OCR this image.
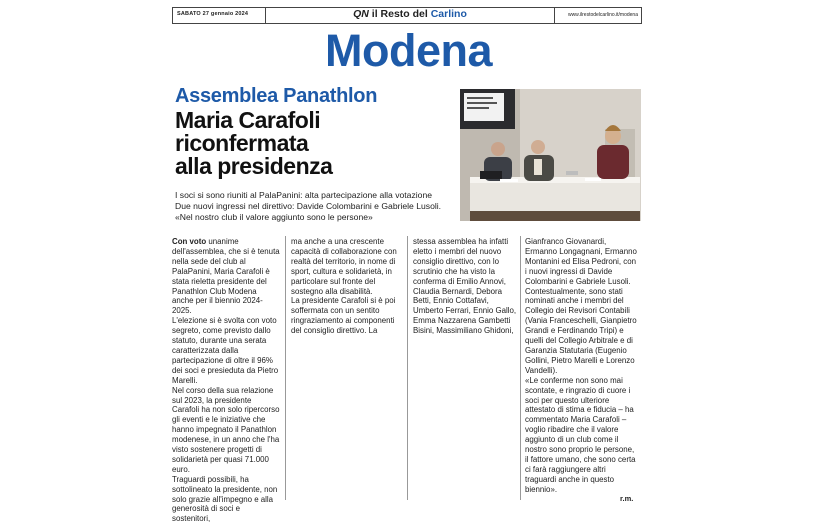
SABATO 27 gennaio 2024	QN il Resto del Carlino	www.ilrestodelcarlino.it/modena
Modena
Assemblea Panathlon
Maria Carafoli
riconfermata
alla presidenza
I soci si sono riuniti al PalaPanini: alta partecipazione alla votazione
Due nuovi ingressi nel direttivo: Davide Colombarini e Gabriele Lusoli.
«Nel nostro club il valore aggiunto sono le persone»
Con voto unanime dell'assemblea, che si è tenuta nella sede del club al PalaPanini, Maria Carafoli è stata rieletta presidente del Panathlon Club Modena anche per il biennio 2024-2025.
L'elezione si è svolta con voto segreto, come previsto dallo statuto, durante una serata caratterizzata dalla partecipazione di oltre il 96% dei soci e presieduta da Pietro Marelli.
Nel corso della sua relazione sul 2023, la presidente Carafoli ha non solo ripercorso gli eventi e le iniziative che hanno impegnato il Panathlon modenese, in un anno che l'ha visto sostenere progetti di solidarietà per quasi 71.000 euro.
Traguardi possibili, ha sottolineato la presidente, non solo grazie all'impegno e alla generosità di soci e sostenitori,
ma anche a una crescente capacità di collaborazione con realtà del territorio, in nome di sport, cultura e solidarietà, in particolare sul fronte del sostegno alla disabilità.
La presidente Carafoli si è poi soffermata con un sentito ringraziamento ai componenti del consiglio direttivo. La
stessa assemblea ha infatti eletto i membri del nuovo consiglio direttivo, con lo scrutinio che ha visto la conferma di Emilio Annovi, Claudia Bernardi, Debora Betti, Ennio Cottafavi, Umberto Ferrari, Ennio Gallo, Emma Nazzarena Gambetti Bisini, Massimiliano Ghidoni,
Gianfranco Giovanardi, Ermanno Longagnani, Ermanno Montanini ed Elisa Pedroni, con i nuovi ingressi di Davide Colombarini e Gabriele Lusoli. Contestualmente, sono stati nominati anche i membri del Collegio dei Revisori Contabili (Vania Franceschelli, Gianpietro Grandi e Ferdinando Tripi) e quelli del Collegio Arbitrale e di Garanzia Statutaria (Eugenio Gollini, Pietro Marelli e Lorenzo Vandelli).
«Le conferme non sono mai scontate, e ringrazio di cuore i soci per questo ulteriore attestato di stima e fiducia – ha commentato Maria Carafoli – voglio ribadire che il valore aggiunto di un club come il nostro sono proprio le persone, il fattore umano, che sono certa ci farà raggiungere altri traguardi anche in questo biennio».
r.m.
